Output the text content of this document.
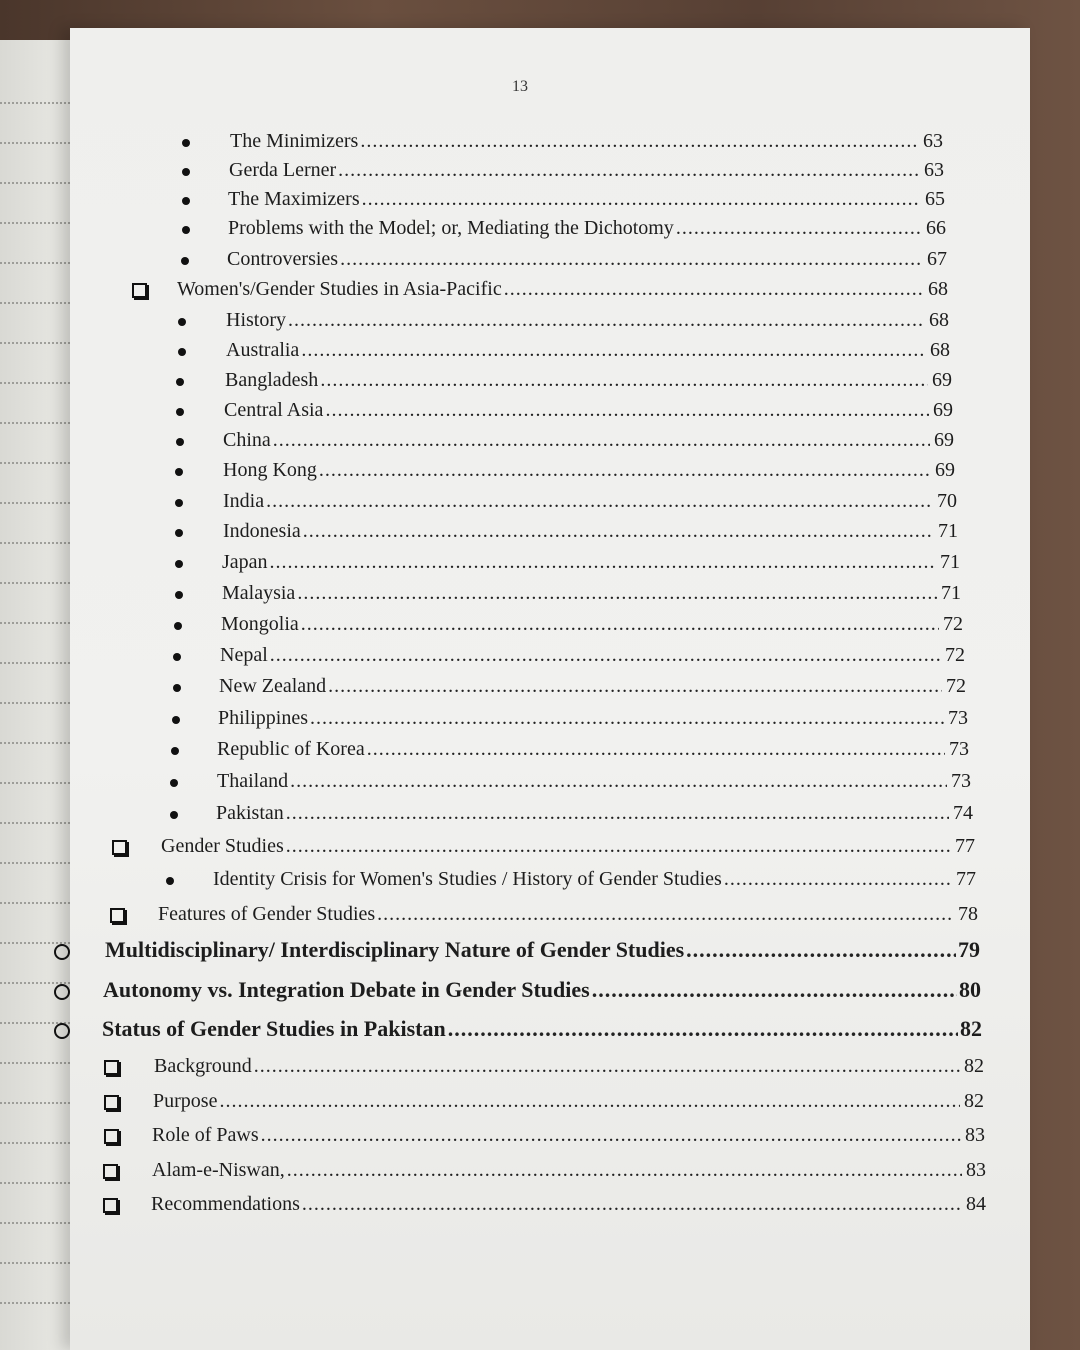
13
The Minimizers .....	63
Gerda Lerner .....	63
The Maximizers .....	65
Problems with the Model; or, Mediating the Dichotomy .....	66
Controversies .....	67
Women's/Gender Studies in Asia-Pacific .....	68
History .....	68
Australia .....	68
Bangladesh .....	69
Central Asia .....	69
China .....	69
Hong Kong .....	69
India .....	70
Indonesia .....	71
Japan .....	71
Malaysia .....	71
Mongolia .....	72
Nepal .....	72
New Zealand .....	72
Philippines .....	73
Republic of Korea .....	73
Thailand .....	73
Pakistan .....	74
Gender Studies .....	77
Identity Crisis for Women's Studies / History of Gender Studies .....	77
Features of Gender Studies .....	78
Multidisciplinary/ Interdisciplinary Nature of Gender Studies .....	79
Autonomy vs. Integration Debate in Gender Studies .....	80
Status of Gender Studies in Pakistan .....	82
Background .....	82
Purpose .....	82
Role of Paws .....	83
Alam-e-Niswan, .....	83
Recommendations .....	84
